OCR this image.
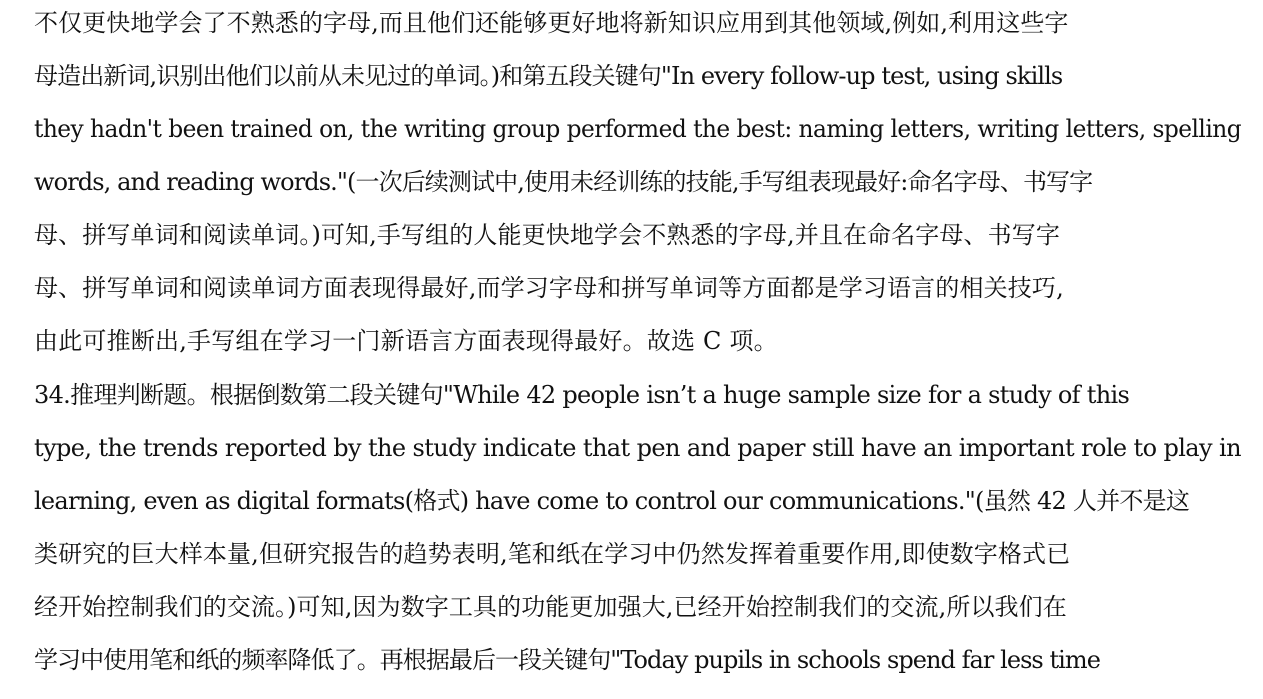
不仅更快地学会了不熟悉的字母,而且他们还能够更好地将新知识应用到其他领域,例如,利用这些字
母造出新词,识别出他们以前从未见过的单词。)和第五段关键句"In every follow-up test, using skills
they hadn't been trained on, the writing group performed the best: naming letters, writing letters, spelling
words, and reading words."(一次后续测试中,使用未经训练的技能,手写组表现最好:命名字母、书写字
母、拼写单词和阅读单词。)可知,手写组的人能更快地学会不熟悉的字母,并且在命名字母、书写字
母、拼写单词和阅读单词方面表现得最好,而学习字母和拼写单词等方面都是学习语言的相关技巧,
由此可推断出,手写组在学习一门新语言方面表现得最好。故选 C 项。
34.推理判断题。根据倒数第二段关键句"While 42 people isn’t a huge sample size for a study of this
type, the trends reported by the study indicate that pen and paper still have an important role to play in
learning, even as digital formats(格式) have come to control our communications."(虽然 42 人并不是这
类研究的巨大样本量,但研究报告的趋势表明,笔和纸在学习中仍然发挥着重要作用,即使数字格式已
经开始控制我们的交流。)可知,因为数字工具的功能更加强大,已经开始控制我们的交流,所以我们在
学习中使用笔和纸的频率降低了。再根据最后一段关键句"Today pupils in schools spend far less time
